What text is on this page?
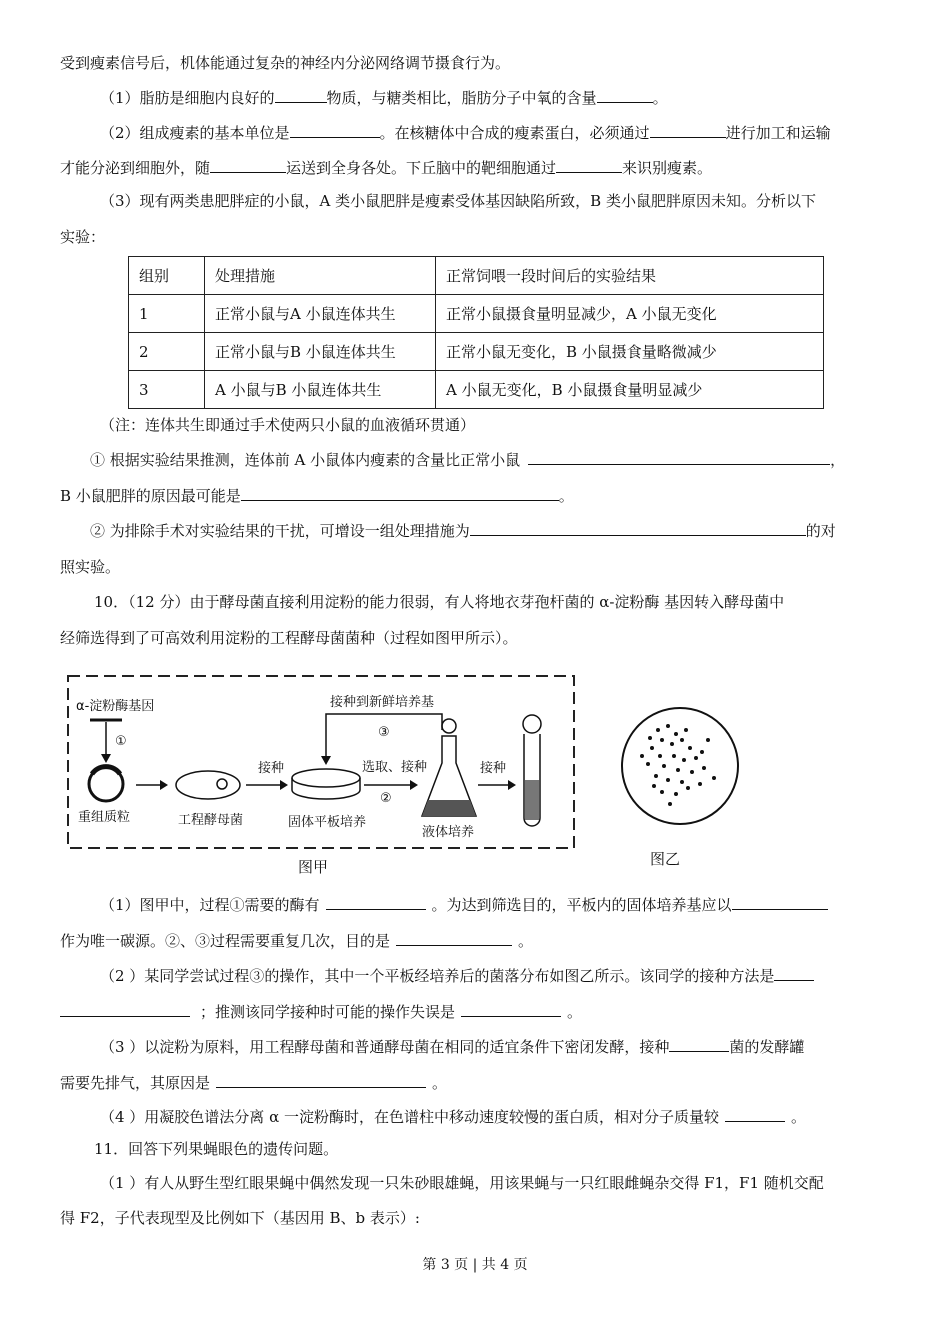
受到瘦素信号后，机体能通过复杂的神经内分泌网络调节摄食行为。
（1）脂肪是细胞内良好的	物质，与糖类相比，脂肪分子中氧的含量	。
（2）组成瘦素的基本单位是	。在核糖体中合成的瘦素蛋白，必须通过	进行加工和运输
才能分泌到细胞外，随	运送到全身各处。下丘脑中的靶细胞通过	来识别瘦素。
（3）现有两类患肥胖症的小鼠，A 类小鼠肥胖是瘦素受体基因缺陷所致，B 类小鼠肥胖原因未知。分析以下
实验：
组别	处理措施	正常饲喂一段时间后的实验结果
1	正常小鼠与A 小鼠连体共生	正常小鼠摄食量明显减少，A 小鼠无变化
2	正常小鼠与B 小鼠连体共生	正常小鼠无变化，B 小鼠摄食量略微减少
3	A 小鼠与B 小鼠连体共生	A 小鼠无变化，B 小鼠摄食量明显减少
（注：连体共生即通过手术使两只小鼠的血液循环贯通）
① 根据实验结果推测，连体前 A 小鼠体内瘦素的含量比正常小鼠	，
B 小鼠肥胖的原因最可能是	。
② 为排除手术对实验结果的干扰，可增设一组处理措施为	的对
照实验。
10．（12 分）由于酵母菌直接利用淀粉的能力很弱，有人将地衣芽孢杆菌的 α-淀粉酶 基因转入酵母菌中
经筛选得到了可高效利用淀粉的工程酵母菌菌种（过程如图甲所示）。
α-淀粉酶基因
①
重组质粒	工程酵母菌
接种
固体平板培养
接种到新鲜培养基
③
选取、接种
②
液体培养
接种
图甲	图乙
（1）图甲中，过程①需要的酶有	。为达到筛选目的，平板内的固体培养基应以
作为唯一碳源。②、③过程需要重复几次，目的是	。
（2 ）某同学尝试过程③的操作，其中一个平板经培养后的菌落分布如图乙所示。该同学的接种方法是
；推测该同学接种时可能的操作失误是	。
（3 ）以淀粉为原料，用工程酵母菌和普通酵母菌在相同的适宜条件下密闭发酵，接种	菌的发酵罐
需要先排气，其原因是	。
（4 ）用凝胶色谱法分离 α 一淀粉酶时，在色谱柱中移动速度较慢的蛋白质，相对分子质量较	。
11．回答下列果蝇眼色的遗传问题。
（1 ）有人从野生型红眼果蝇中偶然发现一只朱砂眼雄蝇，用该果蝇与一只红眼雌蝇杂交得 F1，F1 随机交配
得 F2，子代表现型及比例如下（基因用 B、b 表示）:
第 3 页 | 共 4 页
